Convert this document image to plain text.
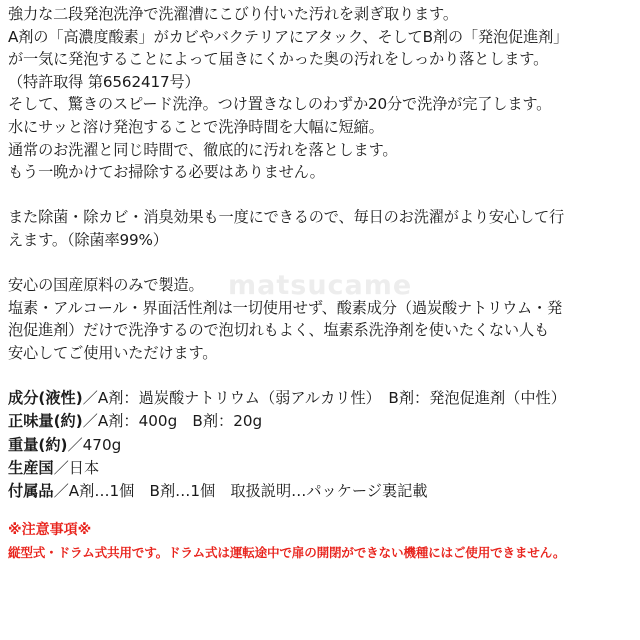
強力な二段発泡洗浄で洗濯漕にこびり付いた汚れを剥ぎ取ります。
A剤の「高濃度酸素」がカビやバクテリアにアタック、そしてB剤の「発泡促進剤」
が一気に発泡することによって届きにくかった奥の汚れをしっかり落とします。
（特許取得 第6562417号）
そして、驚きのスピード洗浄。つけ置きなしのわずか20分で洗浄が完了します。
水にサッと溶け発泡することで洗浄時間を大幅に短縮。
通常のお洗濯と同じ時間で、徹底的に汚れを落とします。
もう一晩かけてお掃除する必要はありません。
また除菌・除カビ・消臭効果も一度にできるので、毎日のお洗濯がより安心して行
えます。（除菌率99%）
安心の国産原料のみで製造。
塩素・アルコール・界面活性剤は一切使用せず、酸素成分（過炭酸ナトリウム・発
泡促進剤）だけで洗浄するので泡切れもよく、塩素系洗浄剤を使いたくない人も
安心してご使用いただけます。
成分(液性)／A剤：過炭酸ナトリウム（弱アルカリ性）　B剤：発泡促進剤（中性）
正味量(約)／A剤：400g　B剤：20g
重量(約)／470g
生産国／日本
付属品／A剤…1個　B剤…1個　取扱説明…パッケージ裏記載
※注意事項※
縦型式・ドラム式共用です。ドラム式は運転途中で扉の開閉ができない機種にはご使用できません。
matsucame
